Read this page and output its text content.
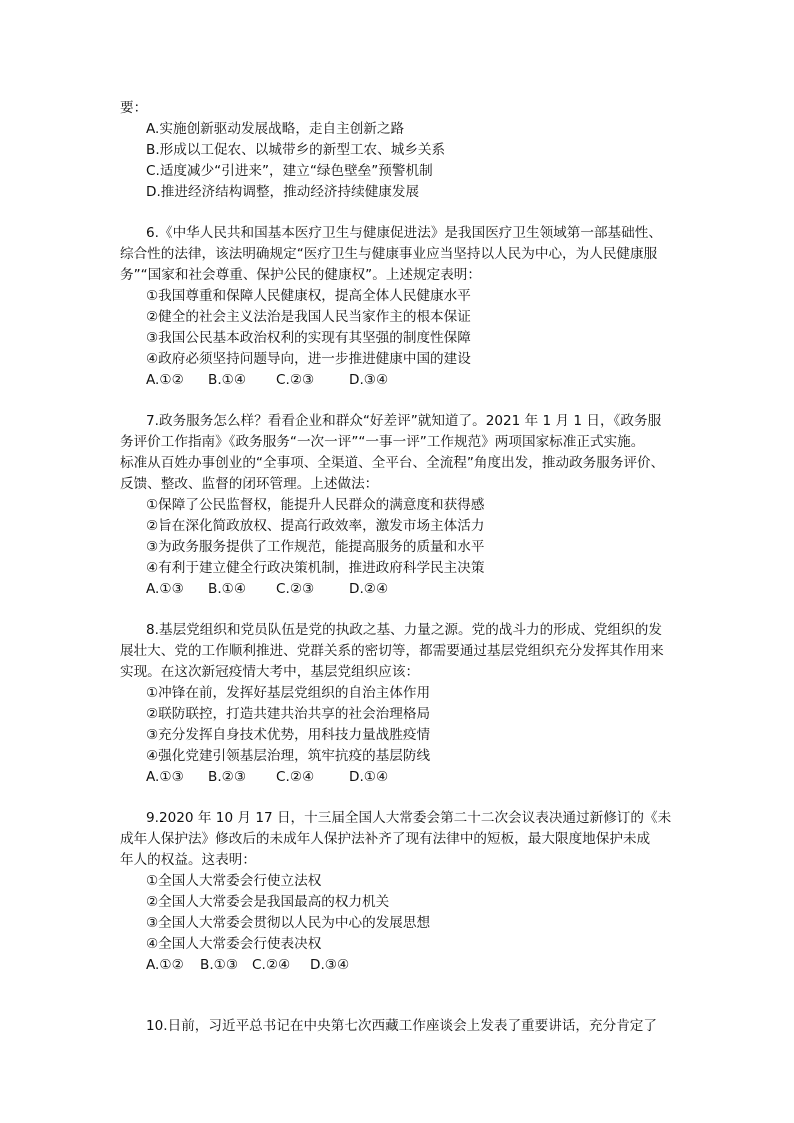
要：
A.实施创新驱动发展战略，走自主创新之路
B.形成以工促农、以城带乡的新型工农、城乡关系
C.适度减少“引进来”，建立“绿色壁垒”预警机制
D.推进经济结构调整，推动经济持续健康发展
6.《中华人民共和国基本医疗卫生与健康促进法》是我国医疗卫生领域第一部基础性、
综合性的法律，该法明确规定“医疗卫生与健康事业应当坚持以人民为中心，为人民健康服
务”“国家和社会尊重、保护公民的健康权”。上述规定表明：
①我国尊重和保障人民健康权，提高全体人民健康水平
②健全的社会主义法治是我国人民当家作主的根本保证
③我国公民基本政治权利的实现有其坚强的制度性保障
④政府必须坚持问题导向，进一步推进健康中国的建设
A.①② B.①④ C.②③	D.③④
7.政务服务怎么样？看看企业和群众“好差评”就知道了。2021 年 1 月 1 日，《政务服
务评价工作指南》《政务服务“一次一评”“一事一评”工作规范》两项国家标准正式实施。
标准从百姓办事创业的“全事项、全渠道、全平台、全流程”角度出发，推动政务服务评价、
反馈、整改、监督的闭环管理。上述做法：
①保障了公民监督权，能提升人民群众的满意度和获得感
②旨在深化简政放权、提高行政效率，激发市场主体活力
③为政务服务提供了工作规范，能提高服务的质量和水平
④有利于建立健全行政决策机制，推进政府科学民主决策
A.①③ B.①④ C.②③	D.②④
8.基层党组织和党员队伍是党的执政之基、力量之源。党的战斗力的形成、党组织的发
展壮大、党的工作顺利推进、党群关系的密切等，都需要通过基层党组织充分发挥其作用来
实现。在这次新冠疫情大考中，基层党组织应该：
①冲锋在前，发挥好基层党组织的自治主体作用
②联防联控，打造共建共治共享的社会治理格局
③充分发挥自身技术优势，用科技力量战胜疫情
④强化党建引领基层治理，筑牢抗疫的基层防线
A.①③ B.②③ C.②④	D.①④
9.2020 年 10 月 17 日，十三届全国人大常委会第二十二次会议表决通过新修订的《未
成年人保护法》修改后的未成年人保护法补齐了现有法律中的短板，最大限度地保护未成
年人的权益。这表明：
①全国人大常委会行使立法权
②全国人大常委会是我国最高的权力机关
③全国人大常委会贯彻以人民为中心的发展思想
④全国人大常委会行使表决权
A.①② B.①③ C.②④ D.③④
10.日前，习近平总书记在中央第七次西藏工作座谈会上发表了重要讲话，充分肯定了
